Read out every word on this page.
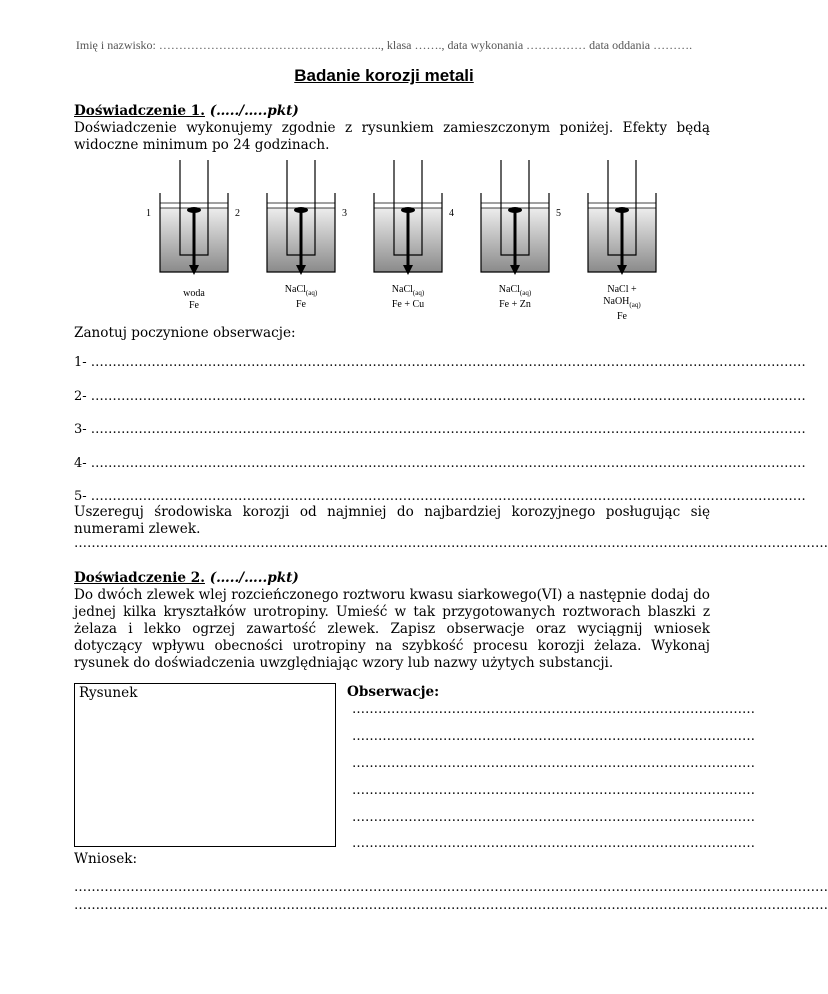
Imię i nazwisko: ……………………………………………….., klasa ……., data wykonania …………… data oddania ……….
Badanie korozji metali
Doświadczenie 1. (…../…..pkt)
Doświadczenie wykonujemy zgodnie z rysunkiem zamieszczonym poniżej. Efekty będą widoczne minimum po 24 godzinach.
1
woda
Fe
2
NaCl$_{(aq)}$
Fe
3
NaCl$_{(aq)}$
Fe + Cu
4
NaCl$_{(aq)}$
Fe + Zn
5
NaCl +
NaOH$_{(aq)}$
Fe
Zanotuj poczynione obserwacje:
1- …………………………………………………………………………………………………………………………………………………
2- …………………………………………………………………………………………………………………………………………………
3- …………………………………………………………………………………………………………………………………………………
4- …………………………………………………………………………………………………………………………………………………
5- …………………………………………………………………………………………………………………………………………………
Uszereguj środowiska korozji od najmniej do najbardziej korozyjnego posługując się numerami zlewek.
…………………………………………………………………………………………………………………………………………………………
Doświadczenie 2. (…../…..pkt)
Do dwóch zlewek wlej rozcieńczonego roztworu kwasu siarkowego(VI) a następnie dodaj do jednej kilka kryształków urotropiny. Umieść w tak przygotowanych roztworach blaszki z żelaza i lekko ogrzej zawartość zlewek. Zapisz obserwacje oraz wyciągnij wniosek dotyczący wpływu obecności urotropiny na szybkość procesu korozji żelaza. Wykonaj rysunek do doświadczenia uwzględniając wzory lub nazwy użytych substancji.
Rysunek	Obserwacje:
…………………………………………………………………………………
…………………………………………………………………………………
…………………………………………………………………………………
…………………………………………………………………………………
…………………………………………………………………………………
…………………………………………………………………………………
Wniosek:
…………………………………………………………………………………………………………………………………………………………
…………………………………………………………………………………………………………………………………………………………
